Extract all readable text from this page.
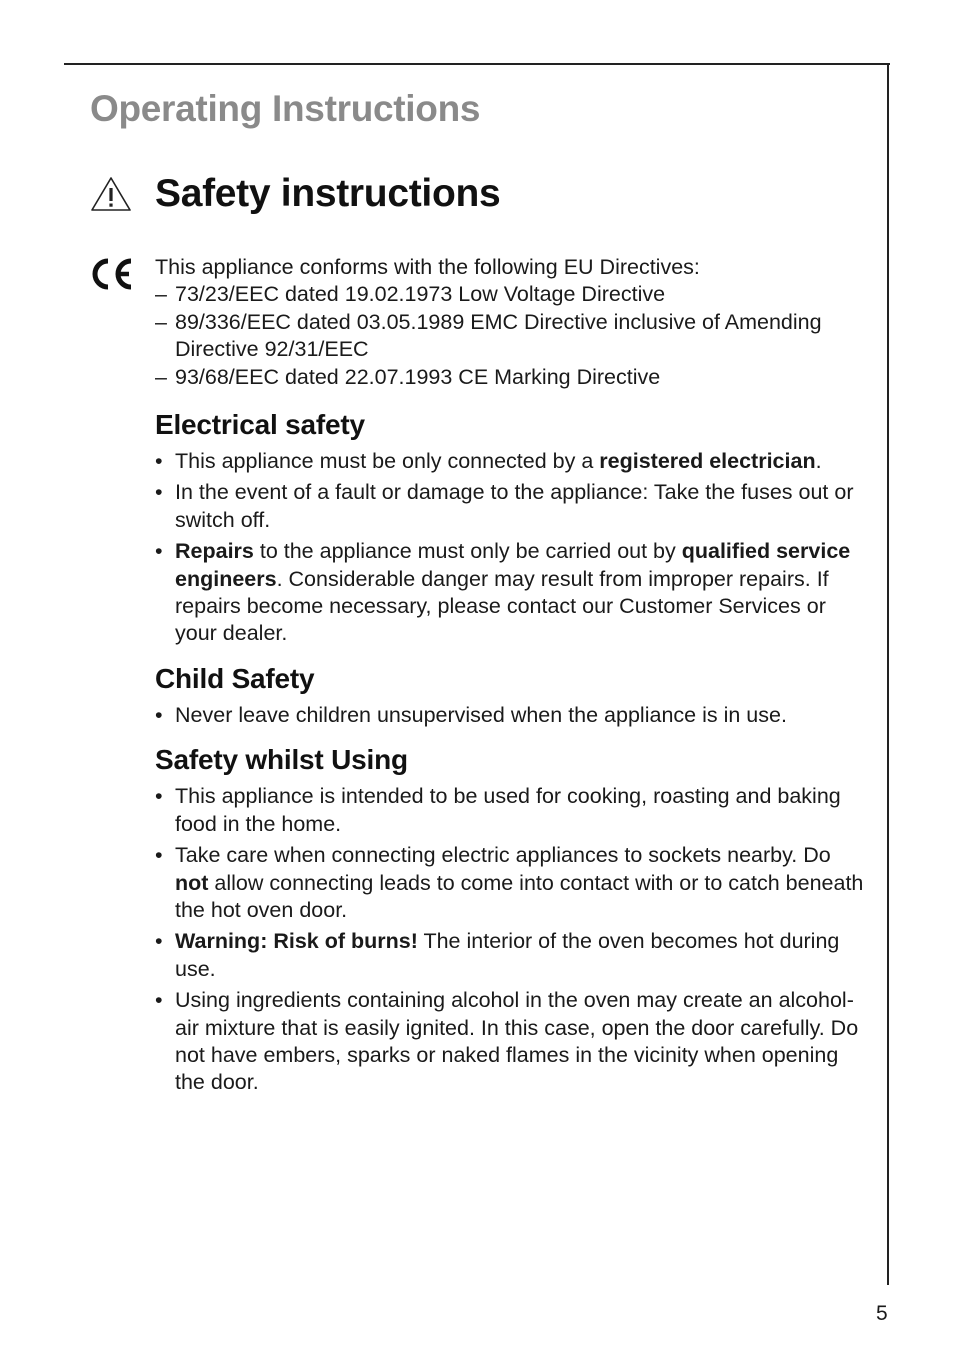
Operating Instructions
Safety instructions

This appliance conforms with the following EU Directives:

– 73/23/EEC dated 19.02.1973 Low Voltage Directive
– 89/336/EEC dated 03.05.1989 EMC Directive inclusive of Amending Directive 92/31/EEC
– 93/68/EEC dated 22.07.1993 CE Marking Directive
Electrical safety
• This appliance must be only connected by a registered electrician.
• In the event of a fault or damage to the appliance: Take the fuses out or switch off.
• Repairs to the appliance must only be carried out by qualified service engineers. Considerable danger may result from improper repairs. If repairs become necessary, please contact our Customer Services or your dealer.
Child Safety
• Never leave children unsupervised when the appliance is in use.
Safety whilst Using
• This appliance is intended to be used for cooking, roasting and baking food in the home.
• Take care when connecting electric appliances to sockets nearby. Do not allow connecting leads to come into contact with or to catch beneath the hot oven door.
• Warning: Risk of burns! The interior of the oven becomes hot during use.
• Using ingredients containing alcohol in the oven may create an alcohol-air mixture that is easily ignited. In this case, open the door carefully. Do not have embers, sparks or naked flames in the vicinity when opening the door.
5
